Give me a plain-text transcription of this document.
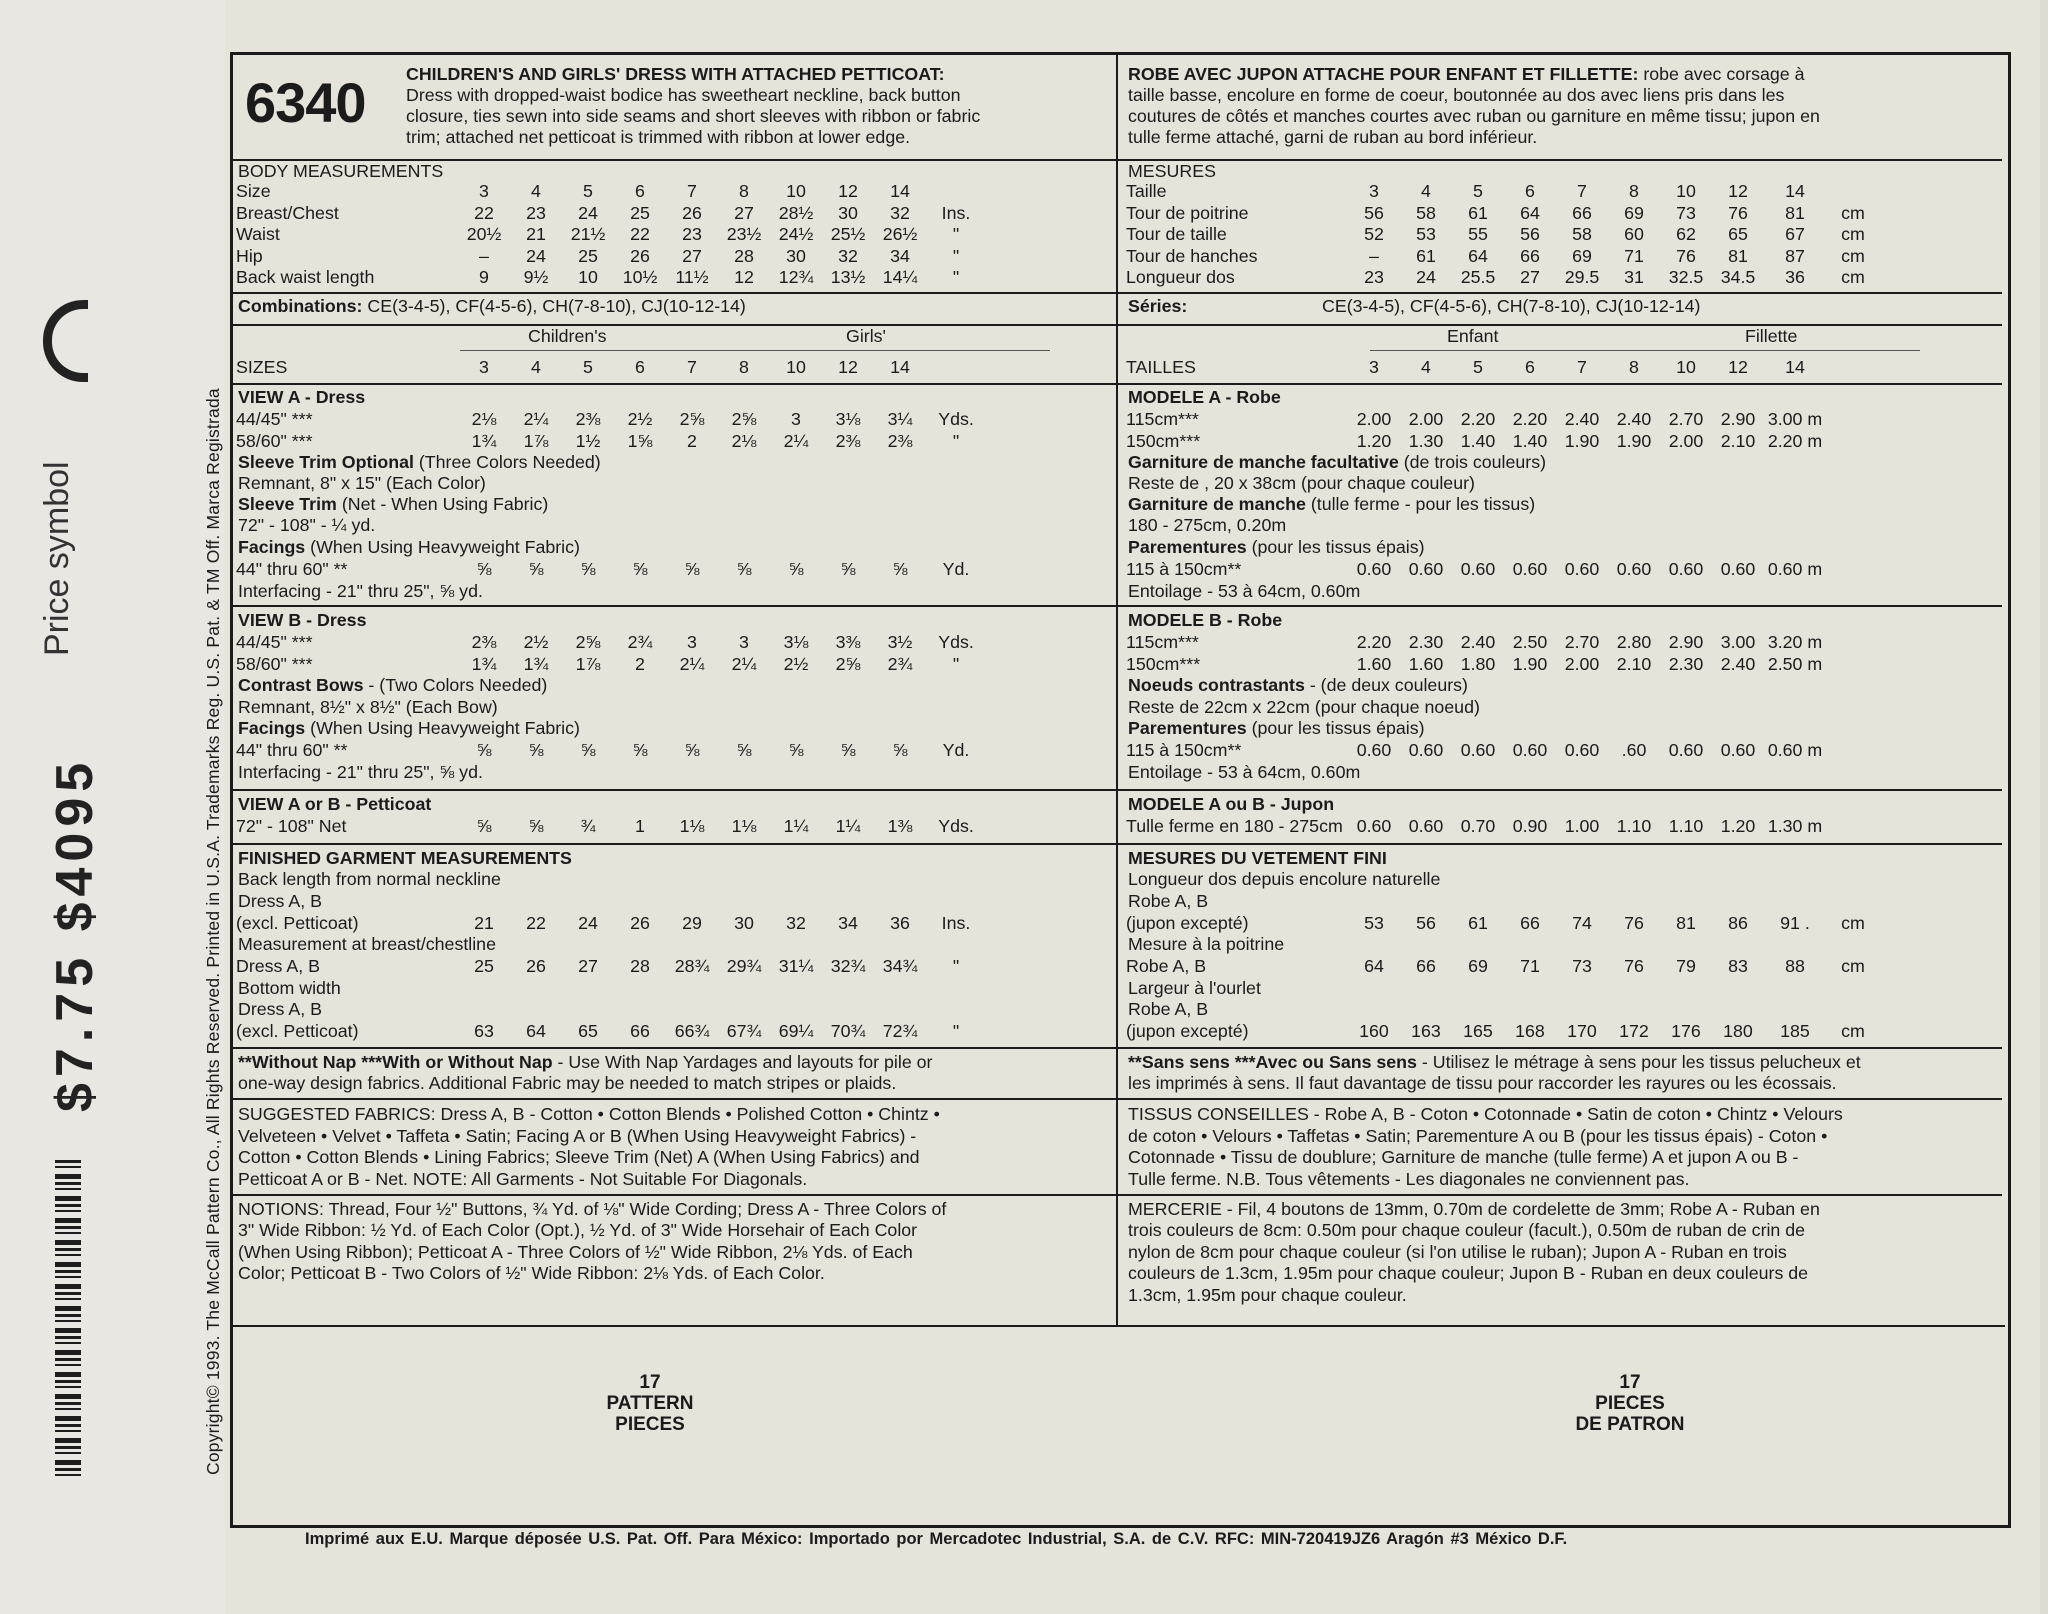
$7.75 $4095
Price symbol	Copyright© 1993. The McCall Pattern Co., All Rights Reserved. Printed in U.S.A. Trademarks Reg. U.S. Pat. & TM Off. Marca Registrada
6340 CHILDREN'S AND GIRLS' DRESS WITH ATTACHED PETTICOAT:
Dress with dropped-waist bodice has sweetheart neckline, back button
closure, ties sewn into side seams and short sleeves with ribbon or fabric
trim; attached net petticoat is trimmed with ribbon at lower edge.
BODY MEASUREMENTS
Size	3	4	5	6	7	8	10	12	14
Breast/Chest	22	23	24	25	26	27	28½	30	32	Ins.
Waist	20½	21	21½	22	23	23½ 24½ 25½ 26½	"
Hip	–	24	25	26	27	28	30	32	34	"
Back waist length	9	9½	10	10½	11½	12	12¾ 13½ 14¼	"
Combinations: CE(3-4-5), CF(4-5-6), CH(7-8-10), CJ(10-12-14)
Children's	Girls'
SIZES	3	4	5	6	7	8	10	12	14
VIEW A - Dress
44/45" ***	2⅛	2¼	2⅜	2½	2⅝	2⅝	3	3⅛	3¼	Yds.
58/60" ***	1¾	1⅞	1½	1⅝	2	2⅛	2¼	2⅜	2⅜	"
Sleeve Trim Optional (Three Colors Needed)
Remnant, 8" x 15" (Each Color)
Sleeve Trim (Net - When Using Fabric)
72" - 108" - ¼ yd.
Facings (When Using Heavyweight Fabric)
44" thru 60" **	⅝	⅝	⅝	⅝	⅝	⅝	⅝	⅝	⅝	Yd.
Interfacing - 21" thru 25", ⅝ yd.
VIEW B - Dress
44/45" ***	2⅜	2½	2⅝	2¾	3	3	3⅛	3⅜	3½	Yds.
58/60" ***	1¾	1¾	1⅞	2	2¼	2¼	2½	2⅝	2¾	"
Contrast Bows - (Two Colors Needed)
Remnant, 8½" x 8½" (Each Bow)
Facings (When Using Heavyweight Fabric)
44" thru 60" **	⅝	⅝	⅝	⅝	⅝	⅝	⅝	⅝	⅝	Yd.
Interfacing - 21" thru 25", ⅝ yd.
VIEW A or B - Petticoat
72" - 108" Net	⅝	⅝	¾	1	1⅛	1⅛	1¼	1¼	1⅜	Yds.
FINISHED GARMENT MEASUREMENTS
Back length from normal neckline
Dress A, B
(excl. Petticoat)	21	22	24	26	29	30	32	34	36	Ins.
Measurement at breast/chestline
Dress A, B	25	26	27	28	28¾ 29¾ 31¼ 32¾ 34¾	"
Bottom width
Dress A, B
(excl. Petticoat)	63	64	65	66	66¾ 67¾ 69¼ 70¾ 72¾	"
**Without Nap ***With or Without Nap - Use With Nap Yardages and layouts for pile or
one-way design fabrics. Additional Fabric may be needed to match stripes or plaids.
SUGGESTED FABRICS: Dress A, B - Cotton • Cotton Blends • Polished Cotton • Chintz •
Velveteen • Velvet • Taffeta • Satin; Facing A or B (When Using Heavyweight Fabrics) -
Cotton • Cotton Blends • Lining Fabrics; Sleeve Trim (Net) A (When Using Fabrics) and
Petticoat A or B - Net. NOTE: All Garments - Not Suitable For Diagonals.
NOTIONS: Thread, Four ½" Buttons, ¾ Yd. of ⅛" Wide Cording; Dress A - Three Colors of
3" Wide Ribbon: ½ Yd. of Each Color (Opt.), ½ Yd. of 3" Wide Horsehair of Each Color
(When Using Ribbon); Petticoat A - Three Colors of ½" Wide Ribbon, 2⅛ Yds. of Each
Color; Petticoat B - Two Colors of ½" Wide Ribbon: 2⅛ Yds. of Each Color.
17
PATTERN
PIECES
ROBE AVEC JUPON ATTACHE POUR ENFANT ET FILLETTE: robe avec corsage à
taille basse, encolure en forme de coeur, boutonnée au dos avec liens pris dans les
coutures de côtés et manches courtes avec ruban ou garniture en même tissu; jupon en
tulle ferme attaché, garni de ruban au bord inférieur.
MESURES
Taille	3	4	5	6	7	8	10	12	14
Tour de poitrine	56	58	61	64	66	69	73	76	81	cm
Tour de taille	52	53	55	56	58	60	62	65	67	cm
Tour de hanches	–	61	64	66	69	71	76	81	87	cm
Longueur dos	23	24	25.5	27	29.5	31	32.5 34.5	36	cm
Séries:	CE(3-4-5), CF(4-5-6), CH(7-8-10), CJ(10-12-14)
Enfant	Fillette
TAILLES	3	4	5	6	7	8	10	12	14
MODELE A - Robe
115cm***	2.00 2.00 2.20 2.20 2.40 2.40 2.70 2.90 3.00 m
150cm***	1.20 1.30 1.40 1.40 1.90 1.90 2.00 2.10 2.20 m
Garniture de manche facultative (de trois couleurs)
Reste de , 20 x 38cm (pour chaque couleur)
Garniture de manche (tulle ferme - pour les tissus)
180 - 275cm, 0.20m
Parementures (pour les tissus épais)
115 à 150cm**	0.60 0.60 0.60 0.60 0.60 0.60 0.60 0.60 0.60 m
Entoilage - 53 à 64cm, 0.60m
MODELE B - Robe
115cm***	2.20 2.30 2.40 2.50 2.70 2.80 2.90 3.00 3.20 m
150cm***	1.60 1.60 1.80 1.90 2.00 2.10 2.30 2.40 2.50 m
Noeuds contrastants - (de deux couleurs)
Reste de 22cm x 22cm (pour chaque noeud)
Parementures (pour les tissus épais)
115 à 150cm**	0.60 0.60 0.60 0.60 0.60	.60	0.60 0.60 0.60 m
Entoilage - 53 à 64cm, 0.60m
MODELE A ou B - Jupon
Tulle ferme en 180 - 275cm 0.60 0.60 0.70 0.90 1.00 1.10 1.10 1.20 1.30 m
MESURES DU VETEMENT FINI
Longueur dos depuis encolure naturelle
Robe A, B
(jupon excepté)	53	56	61	66	74	76	81	86	91 .	cm
Mesure à la poitrine
Robe A, B	64	66	69	71	73	76	79	83	88	cm
Largeur à l'ourlet
Robe A, B
(jupon excepté)	160	163	165	168	170	172	176	180	185	cm
**Sans sens ***Avec ou Sans sens - Utilisez le métrage à sens pour les tissus pelucheux et
les imprimés à sens. Il faut davantage de tissu pour raccorder les rayures ou les écossais.
TISSUS CONSEILLES - Robe A, B - Coton • Cotonnade • Satin de coton • Chintz • Velours
de coton • Velours • Taffetas • Satin; Parementure A ou B (pour les tissus épais) - Coton •
Cotonnade • Tissu de doublure; Garniture de manche (tulle ferme) A et jupon A ou B -
Tulle ferme. N.B. Tous vêtements - Les diagonales ne conviennent pas.
MERCERIE - Fil, 4 boutons de 13mm, 0.70m de cordelette de 3mm; Robe A - Ruban en
trois couleurs de 8cm: 0.50m pour chaque couleur (facult.), 0.50m de ruban de crin de
nylon de 8cm pour chaque couleur (si l'on utilise le ruban); Jupon A - Ruban en trois
couleurs de 1.3cm, 1.95m pour chaque couleur; Jupon B - Ruban en deux couleurs de
1.3cm, 1.95m pour chaque couleur.
17
PIECES
DE PATRON
Imprimé aux E.U. Marque déposée U.S. Pat. Off. Para México: Importado por Mercadotec Industrial, S.A. de C.V. RFC: MIN-720419JZ6 Aragón #3 México D.F.
